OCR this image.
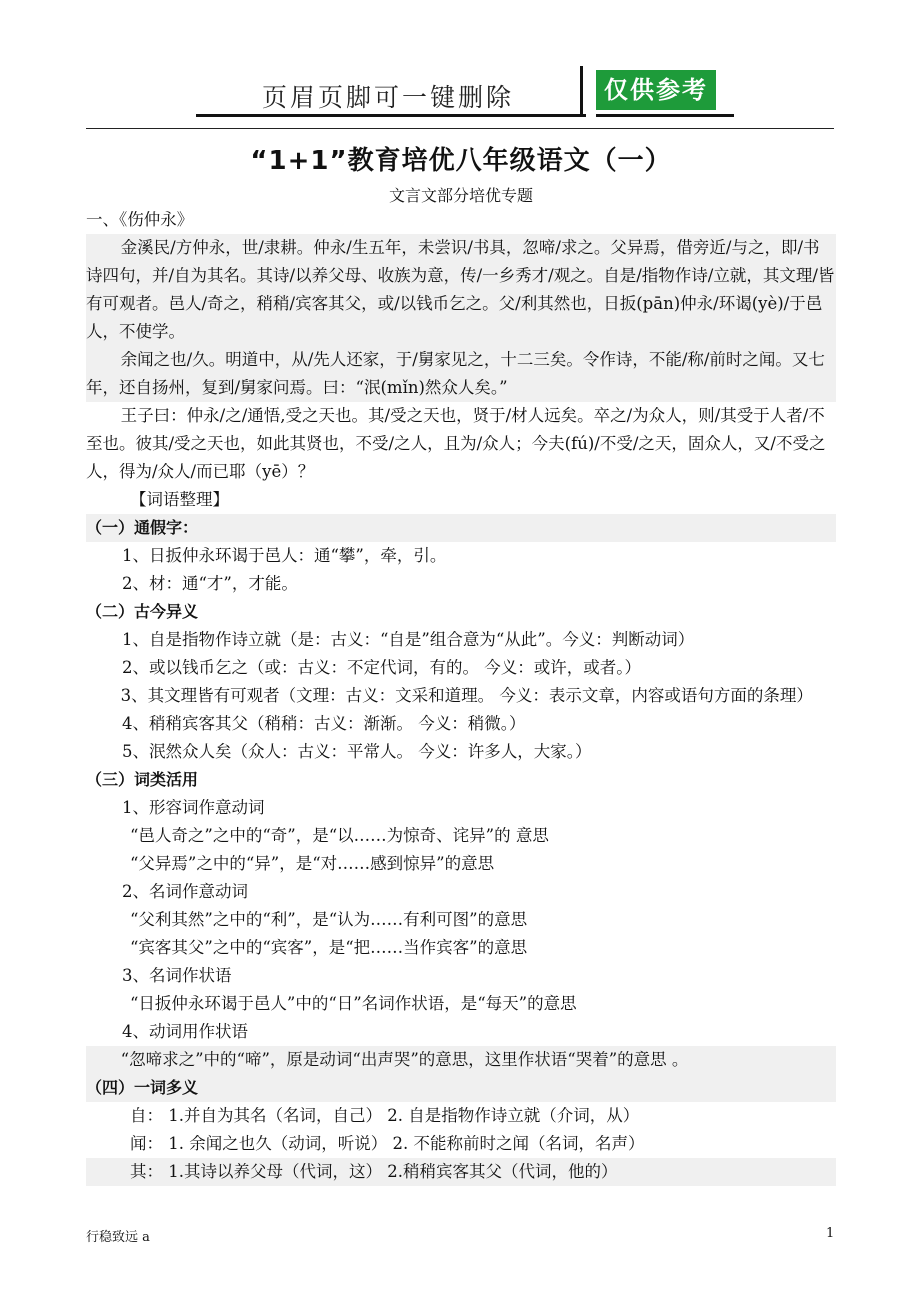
页眉页脚可一键删除	仅供参考
“1+1”教育培优八年级语文（一）
文言文部分培优专题

一、《伤仲永》

金溪民/方仲永，世/隶耕。仲永/生五年，未尝识/书具，忽啼/求之。父异焉，借旁近/与之，即/书诗四句，并/自为其名。其诗/以养父母、收族为意，传/一乡秀才/观之。自是/指物作诗/立就，其文理/皆有可观者。邑人/奇之，稍稍/宾客其父，或/以钱币乞之。父/利其然也，日扳(pān)仲永/环谒(yè)/于邑人，不使学。

余闻之也/久。明道中，从/先人还家，于/舅家见之，十二三矣。令作诗，不能/称/前时之闻。又七年，还自扬州，复到/舅家问焉。曰：“泯(mǐn)然众人矣。”

王子曰：仲永/之/通悟,受之天也。其/受之天也，贤于/材人远矣。卒之/为众人，则/其受于人者/不至也。彼其/受之天也，如此其贤也，不受/之人，且为/众人；今夫(fú)/不受/之天，固众人，又/不受之人，得为/众人/而已耶（yē）？

【词语整理】

（一）通假字：

1、日扳仲永环谒于邑人：通“攀”，牵，引。

2、材：通“才”，才能。

（二）古今异义

1、自是指物作诗立就（是：古义：“自是”组合意为“从此”。今义：判断动词）

2、或以钱币乞之（或：古义：不定代词，有的。 今义：或许，或者。）

3、其文理皆有可观者（文理：古义：文采和道理。 今义：表示文章，内容或语句方面的条理）

4、稍稍宾客其父（稍稍：古义：渐渐。 今义：稍微。）

5、泯然众人矣（众人：古义：平常人。 今义：许多人，大家。）

（三）词类活用

1、形容词作意动词

“邑人奇之”之中的“奇”，是“以……为惊奇、诧异”的 意思

“父异焉”之中的“异”，是“对……感到惊异”的意思

2、名词作意动词

“父利其然”之中的“利”，是“认为……有利可图”的意思

“宾客其父”之中的“宾客”，是“把……当作宾客”的意思

3、名词作状语

“日扳仲永环谒于邑人”中的“日”名词作状语，是“每天”的意思

4、动词用作状语

“忽啼求之”中的“啼”，原是动词“出声哭”的意思，这里作状语“哭着”的意思 。

（四）一词多义

自： 1.并自为其名（名词，自己） 2. 自是指物作诗立就（介词，从）

闻： 1. 余闻之也久（动词，听说） 2. 不能称前时之闻（名词，名声）

其： 1.其诗以养父母（代词，这） 2.稍稍宾客其父（代词，他的）

行稳致远 a	1
